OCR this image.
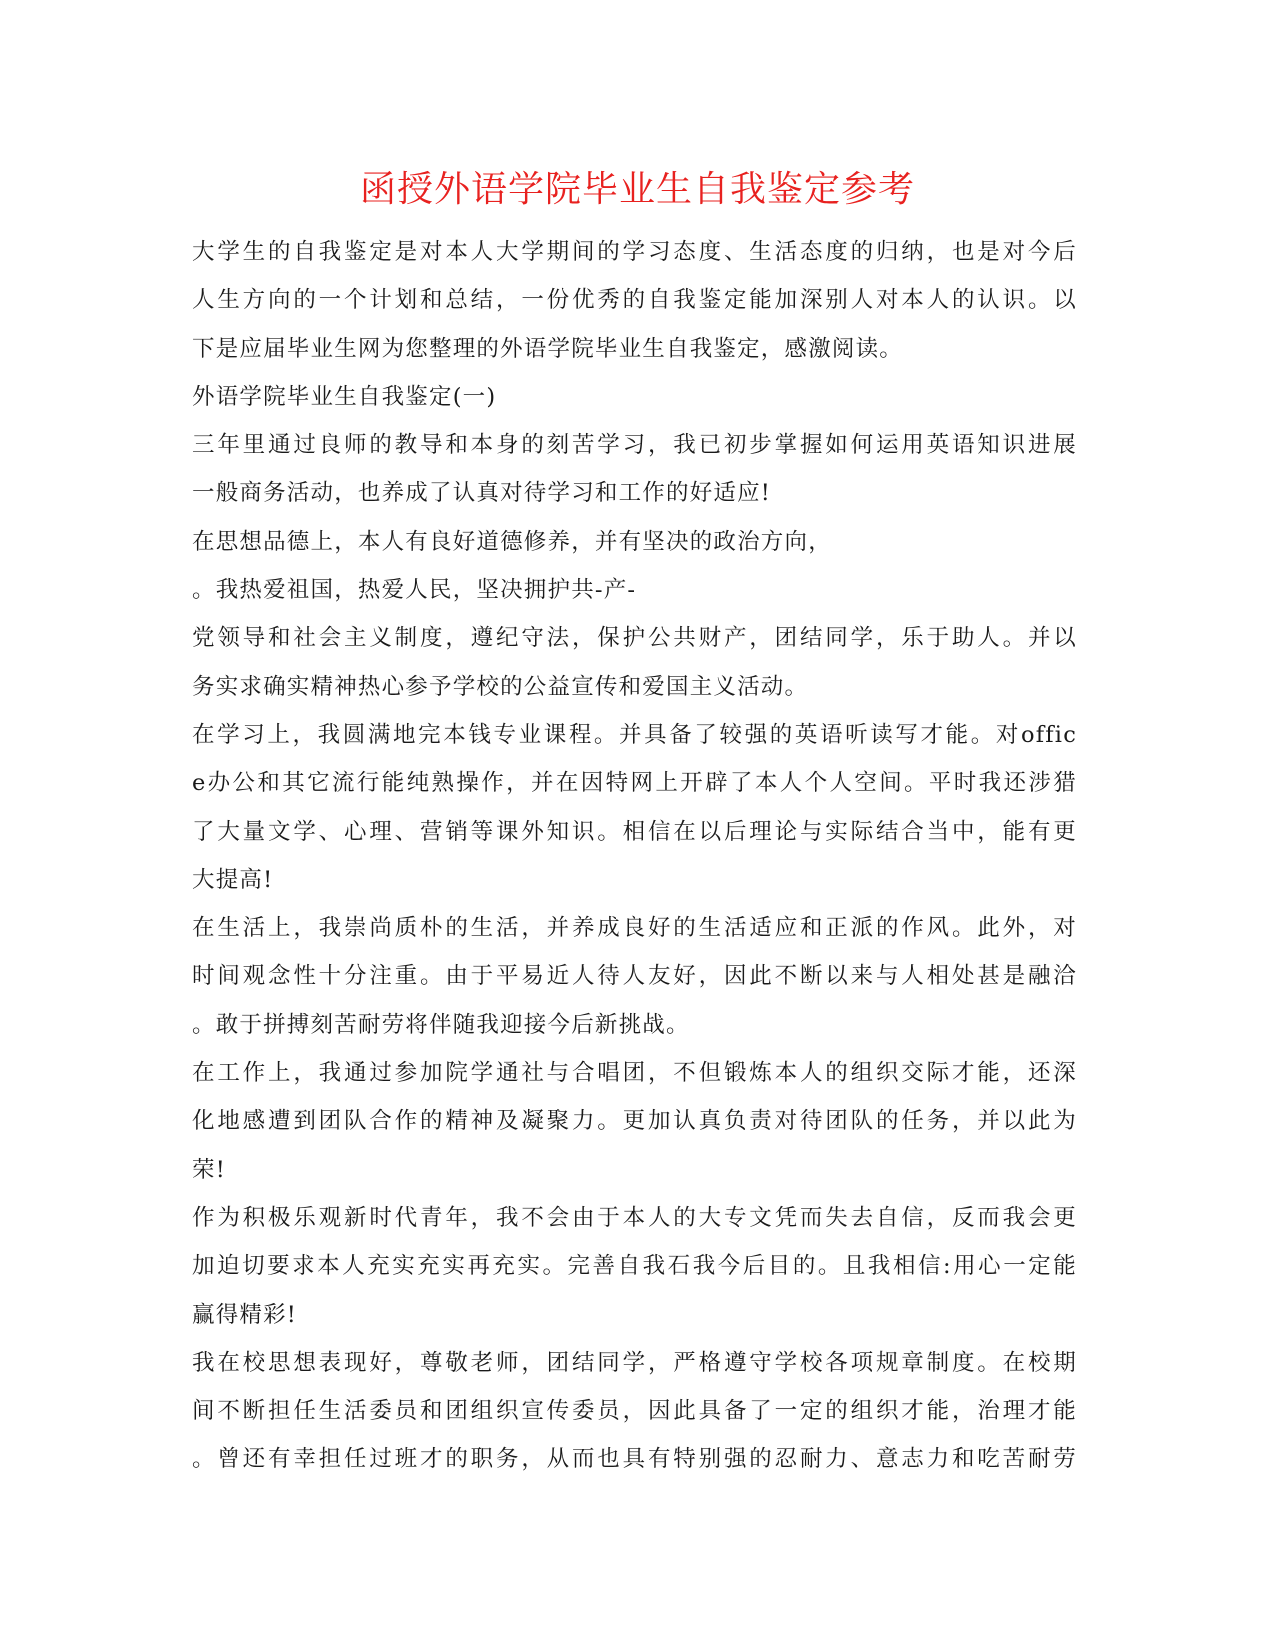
函授外语学院毕业生自我鉴定参考
大学生的自我鉴定是对本人大学期间的学习态度、生活态度的归纳，也是对今后
人生方向的一个计划和总结，一份优秀的自我鉴定能加深别人对本人的认识。以
下是应届毕业生网为您整理的外语学院毕业生自我鉴定，感激阅读。
外语学院毕业生自我鉴定(一)
三年里通过良师的教导和本身的刻苦学习，我已初步掌握如何运用英语知识进展
一般商务活动，也养成了认真对待学习和工作的好适应!
在思想品德上，本人有良好道德修养，并有坚决的政治方向，
。我热爱祖国，热爱人民，坚决拥护共-产-
党领导和社会主义制度，遵纪守法，保护公共财产，团结同学，乐于助人。并以
务实求确实精神热心参予学校的公益宣传和爱国主义活动。
在学习上，我圆满地完本钱专业课程。并具备了较强的英语听读写才能。对offic
e办公和其它流行能纯熟操作，并在因特网上开辟了本人个人空间。平时我还涉猎
了大量文学、心理、营销等课外知识。相信在以后理论与实际结合当中，能有更
大提高!
在生活上，我崇尚质朴的生活，并养成良好的生活适应和正派的作风。此外，对
时间观念性十分注重。由于平易近人待人友好，因此不断以来与人相处甚是融洽
。敢于拼搏刻苦耐劳将伴随我迎接今后新挑战。
在工作上，我通过参加院学通社与合唱团，不但锻炼本人的组织交际才能，还深
化地感遭到团队合作的精神及凝聚力。更加认真负责对待团队的任务，并以此为
荣!
作为积极乐观新时代青年，我不会由于本人的大专文凭而失去自信，反而我会更
加迫切要求本人充实充实再充实。完善自我石我今后目的。且我相信:用心一定能
赢得精彩!
我在校思想表现好，尊敬老师，团结同学，严格遵守学校各项规章制度。在校期
间不断担任生活委员和团组织宣传委员，因此具备了一定的组织才能，治理才能
。曾还有幸担任过班才的职务，从而也具有特别强的忍耐力、意志力和吃苦耐劳
